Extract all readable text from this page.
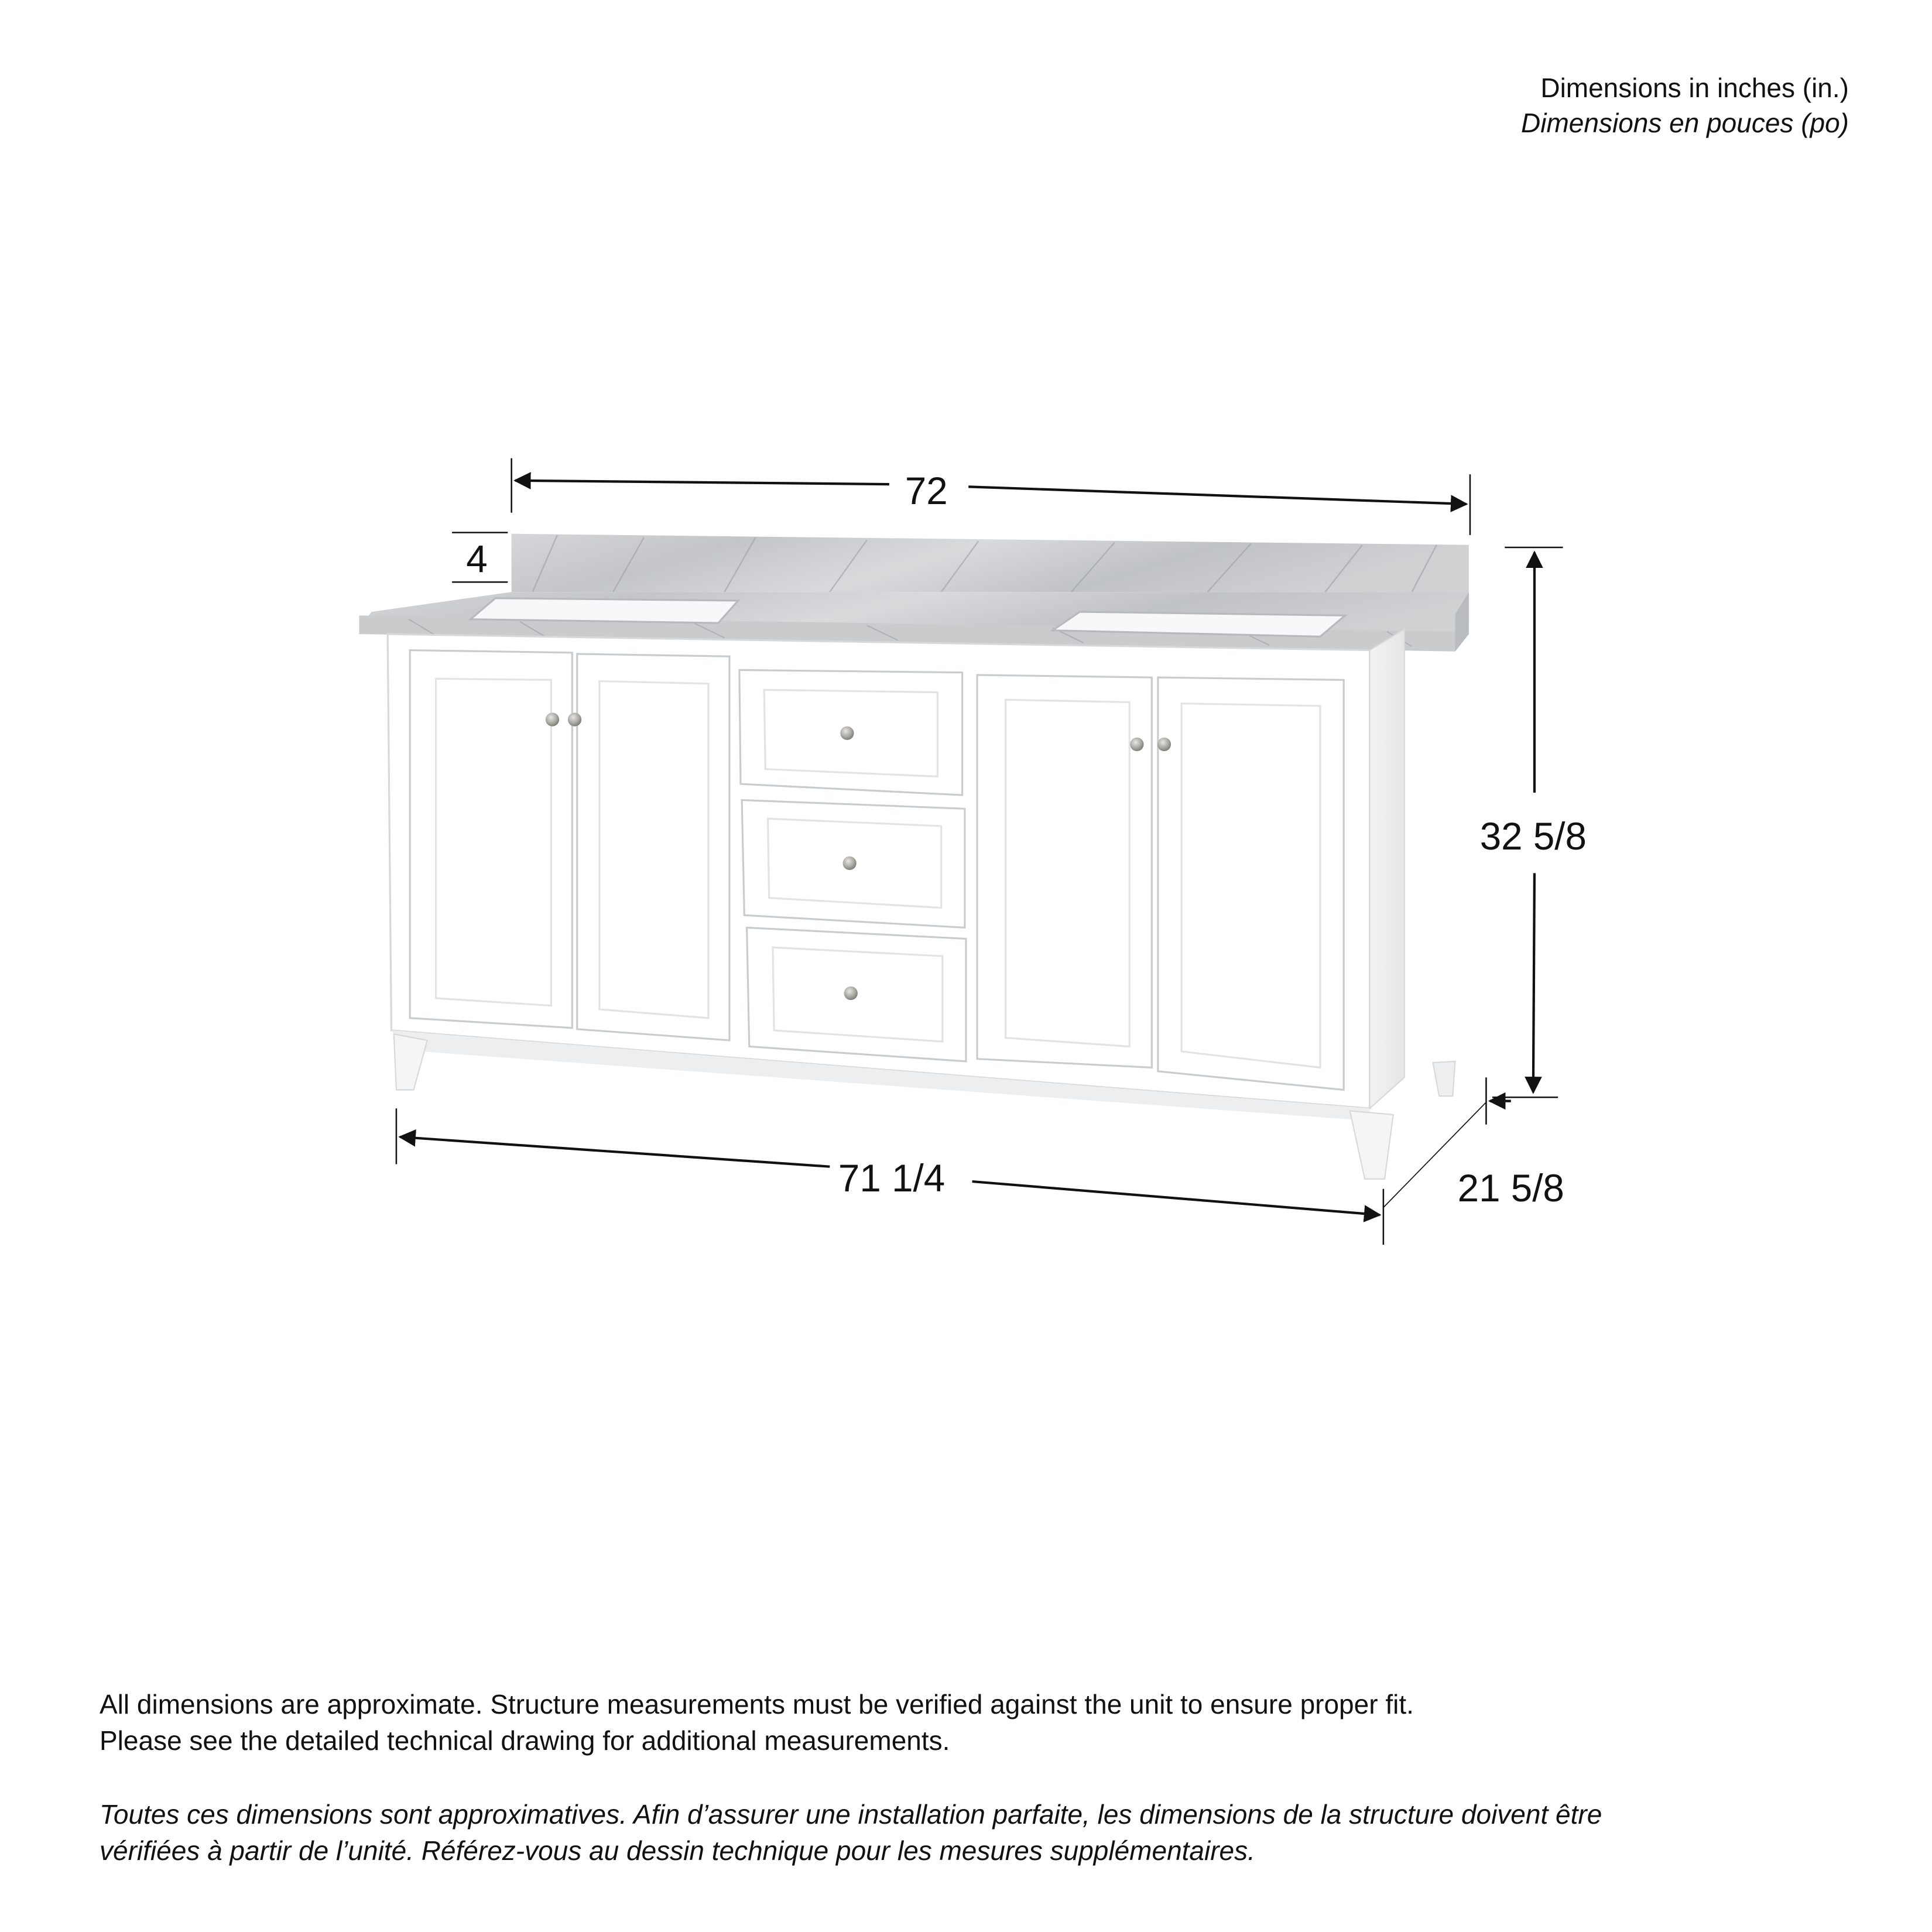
Dimensions in inches (in.)
Dimensions en pouces (po)
72
4
32 5/8
71 1/4	21 5/8
All dimensions are approximate. Structure measurements must be verified against the unit to ensure proper fit.
Please see the detailed technical drawing for additional measurements.
Toutes ces dimensions sont approximatives. Afin d’assurer une installation parfaite, les dimensions de la structure doivent être
vérifiées à partir de l’unité. Référez-vous au dessin technique pour les mesures supplémentaires.
